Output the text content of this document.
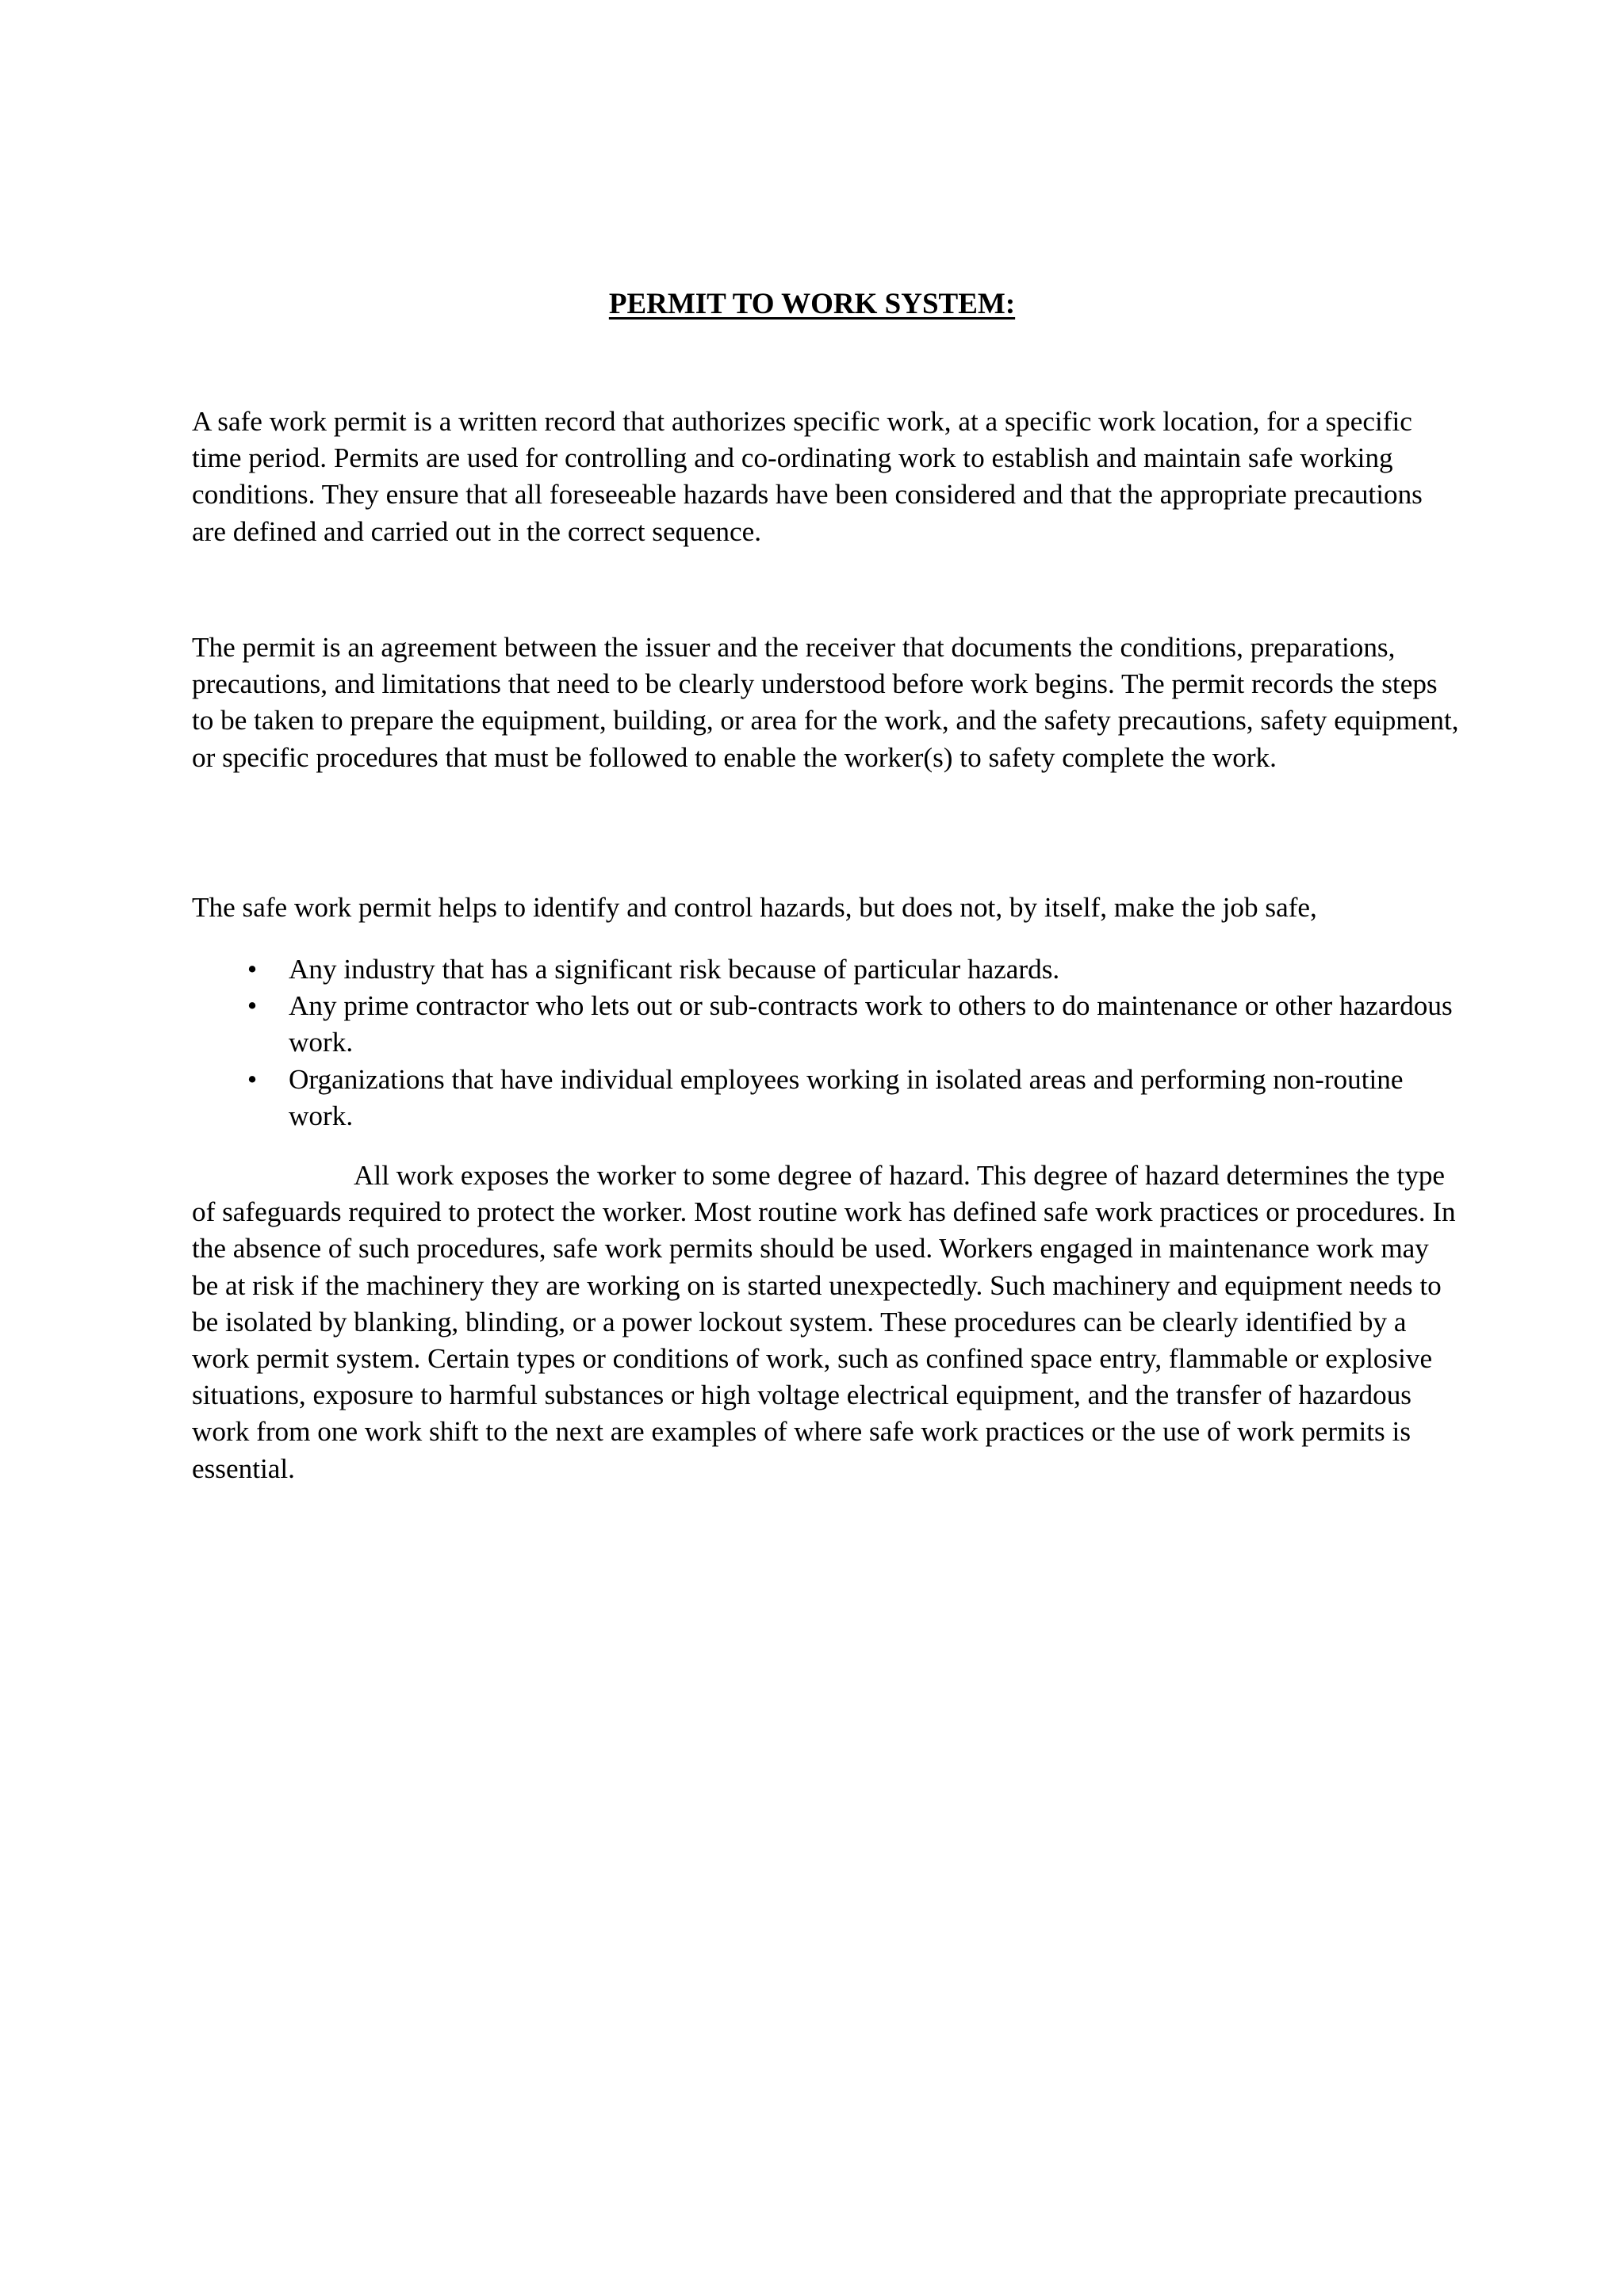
PERMIT TO WORK SYSTEM:

A safe work permit is a written record that authorizes specific work, at a specific work location, for a specific time period. Permits are used for controlling and co-ordinating work to establish and maintain safe working conditions. They ensure that all foreseeable hazards have been considered and that the appropriate precautions are defined and carried out in the correct sequence.

The permit is an agreement between the issuer and the receiver that documents the conditions, preparations, precautions, and limitations that need to be clearly understood before work begins. The permit records the steps to be taken to prepare the equipment, building, or area for the work, and the safety precautions, safety equipment, or specific procedures that must be followed to enable the worker(s) to safety complete the work.

The safe work permit helps to identify and control hazards, but does not, by itself, make the job safe,

• Any industry that has a significant risk because of particular hazards.
• Any prime contractor who lets out or sub-contracts work to others to do maintenance or other hazardous work.
• Organizations that have individual employees working in isolated areas and performing non-routine work.

All work exposes the worker to some degree of hazard. This degree of hazard determines the type of safeguards required to protect the worker. Most routine work has defined safe work practices or procedures. In the absence of such procedures, safe work permits should be used. Workers engaged in maintenance work may be at risk if the machinery they are working on is started unexpectedly. Such machinery and equipment needs to be isolated by blanking, blinding, or a power lockout system. These procedures can be clearly identified by a work permit system. Certain types or conditions of work, such as confined space entry, flammable or explosive situations, exposure to harmful substances or high voltage electrical equipment, and the transfer of hazardous work from one work shift to the next are examples of where safe work practices or the use of work permits is essential.
